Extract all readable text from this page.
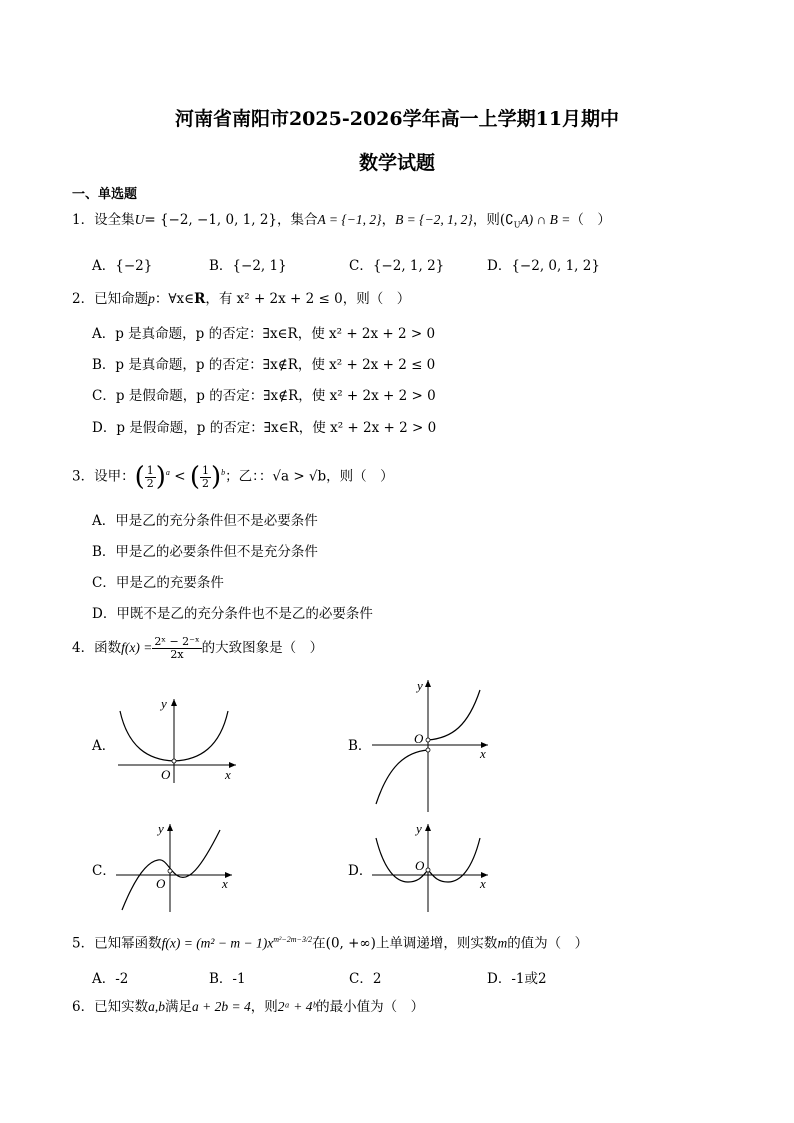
河南省南阳市2025-2026学年高一上学期11月期中
数学试题
一、单选题
1．设全集U= {−2, −1, 0, 1, 2}，集合A = {−1, 2}，B = {−2, 1, 2}，则$(∁_UA)$ ∩ B =（　）
A．{−2}	B．{−2, 1}	C．{−2, 1, 2}	D．{−2, 0, 1, 2}
2．已知命题p：∀x∈R，有 x² + 2x + 2 ≤ 0，则（　）
A．p 是真命题，p 的否定：∃x∈R，使 x² + 2x + 2 > 0
B．p 是真命题，p 的否定：∃x∉R，使 x² + 2x + 2 ≤ 0
C．p 是假命题，p 的否定：∃x∉R，使 x² + 2x + 2 > 0
D．p 是假命题，p 的否定：∃x∈R，使 x² + 2x + 2 > 0
3．设甲：( $\frac{1}{2} )^a$ < ( $\frac{1}{2} )^b$；乙：：√a > √b，则（　）
A．甲是乙的充分条件但不是必要条件
B．甲是乙的必要条件但不是充分条件
C．甲是乙的充要条件
D．甲既不是乙的充分条件也不是乙的必要条件
4．函数$f(x) = \frac{\text{2ˣ − 2⁻ˣ}}{2x}$ 的大致图象是（　）
A．
O	x
y
B．	O
x
y
C．
O	x
y
D．	O
x
y
5．已知幂函数$f(x) = (m^2 - m - 1)x^{m^2-2m-3/2}$在(0, +∞)上单调递增，则实数m的值为（　）
A．-2	B．-1	C．2	D．-1或2
6．已知实数a,b满足a + 2b = 4，则2ᵃ + 4ᵇ的最小值为（　）
